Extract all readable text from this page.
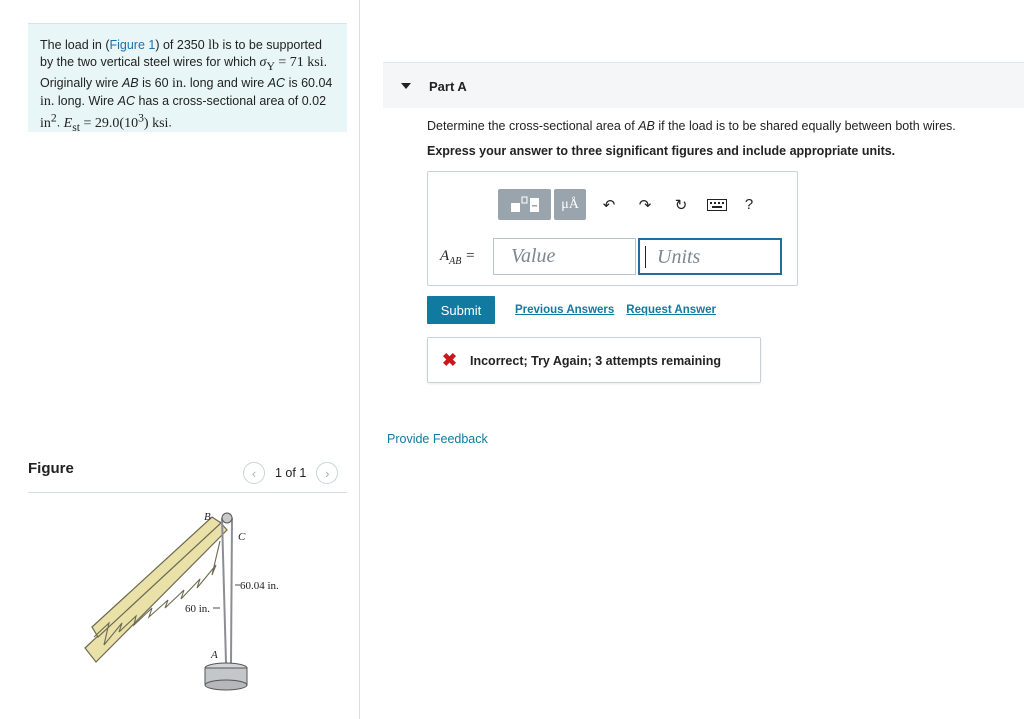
The load in (Figure 1) of 2350 lb is to be supported by the two vertical steel wires for which $\sigma_Y = 71$ ksi. Originally wire AB is 60 in. long and wire AC is 60.04 in. long. Wire AC has a cross-sectional area of 0.02 $in^2$. $E_{st} = 29.0(10^3)$ ksi.
Figure	‹	1 of 1	›
B
C
A
60.04 in.
60 in.
Part A
Determine the cross-sectional area of AB if the load is to be shared equally between both wires.
Express your answer to three significant figures and include appropriate units.
μÅ	↶	↷	↻	?
$A_{AB}$ =	Value	Units
Submit	Previous Answers Request Answer
✖ Incorrect; Try Again; 3 attempts remaining
Provide Feedback
